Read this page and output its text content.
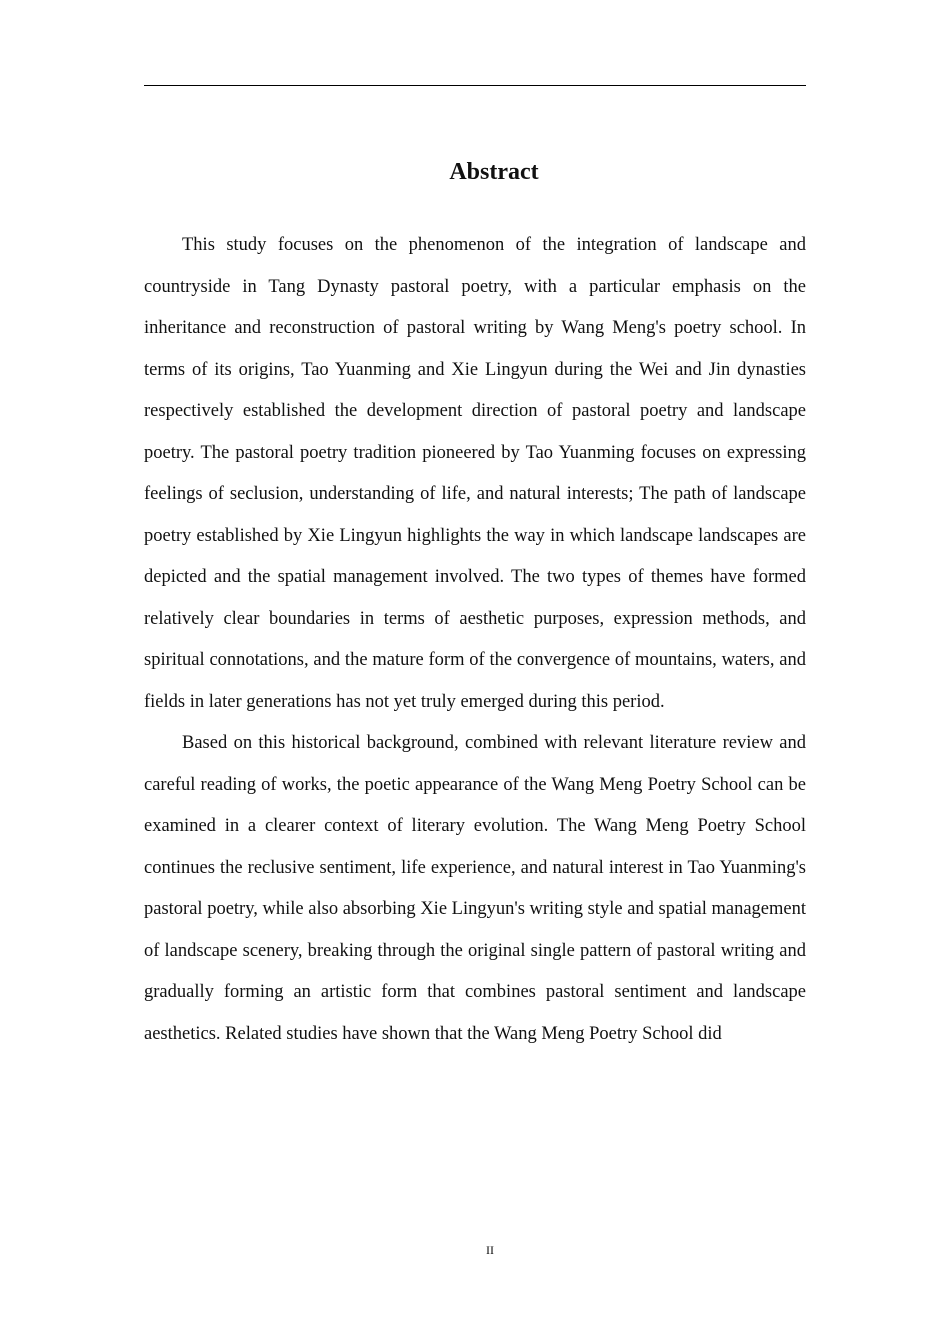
Abstract

This study focuses on the phenomenon of the integration of landscape and countryside in Tang Dynasty pastoral poetry, with a particular emphasis on the inheritance and reconstruction of pastoral writing by Wang Meng's poetry school. In terms of its origins, Tao Yuanming and Xie Lingyun during the Wei and Jin dynasties respectively established the development direction of pastoral poetry and landscape poetry. The pastoral poetry tradition pioneered by Tao Yuanming focuses on expressing feelings of seclusion, understanding of life, and natural interests; The path of landscape poetry established by Xie Lingyun highlights the way in which landscape landscapes are depicted and the spatial management involved. The two types of themes have formed relatively clear boundaries in terms of aesthetic purposes, expression methods, and spiritual connotations, and the mature form of the convergence of mountains, waters, and fields in later generations has not yet truly emerged during this period.

Based on this historical background, combined with relevant literature review and careful reading of works, the poetic appearance of the Wang Meng Poetry School can be examined in a clearer context of literary evolution. The Wang Meng Poetry School continues the reclusive sentiment, life experience, and natural interest in Tao Yuanming's pastoral poetry, while also absorbing Xie Lingyun's writing style and spatial management of landscape scenery, breaking through the original single pattern of pastoral writing and gradually forming an artistic form that combines pastoral sentiment and landscape aesthetics. Related studies have shown that the Wang Meng Poetry School did

II
